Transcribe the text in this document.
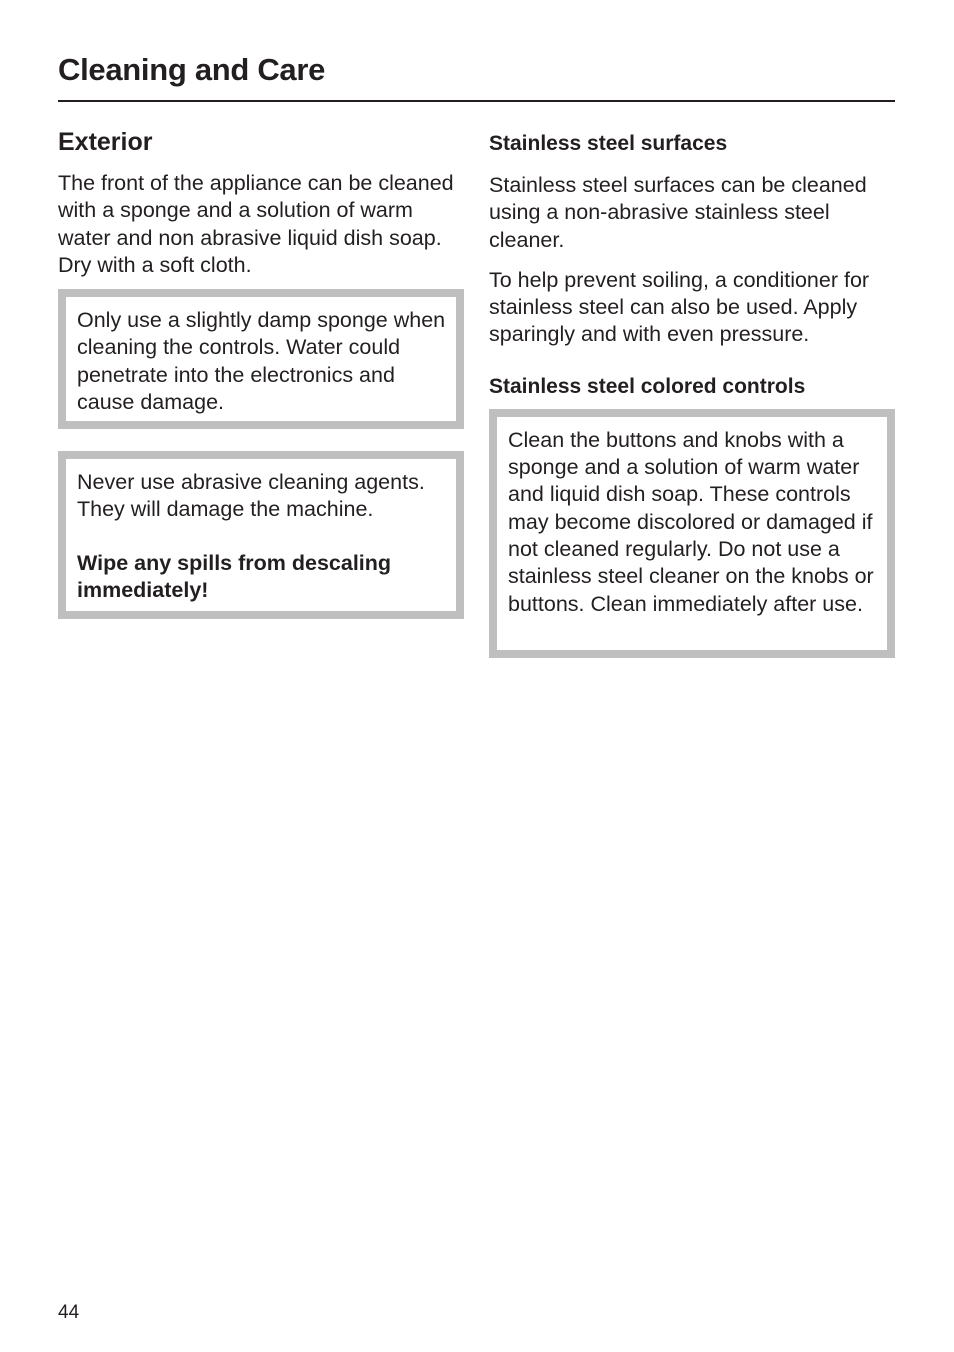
Cleaning and Care
Exterior

The front of the appliance can be cleaned with a sponge and a solution of warm water and non abrasive liquid dish soap. Dry with a soft cloth.

Only use a slightly damp sponge when cleaning the controls. Water could penetrate into the electronics and cause damage.

Never use abrasive cleaning agents. They will damage the machine.

Wipe any spills from descaling immediately!

Stainless steel surfaces

Stainless steel surfaces can be cleaned using a non-abrasive stainless steel cleaner.

To help prevent soiling, a conditioner for stainless steel can also be used. Apply sparingly and with even pressure.

Stainless steel colored controls

Clean the buttons and knobs with a sponge and a solution of warm water and liquid dish soap. These controls may become discolored or damaged if not cleaned regularly. Do not use a stainless steel cleaner on the knobs or buttons. Clean immediately after use.

44
